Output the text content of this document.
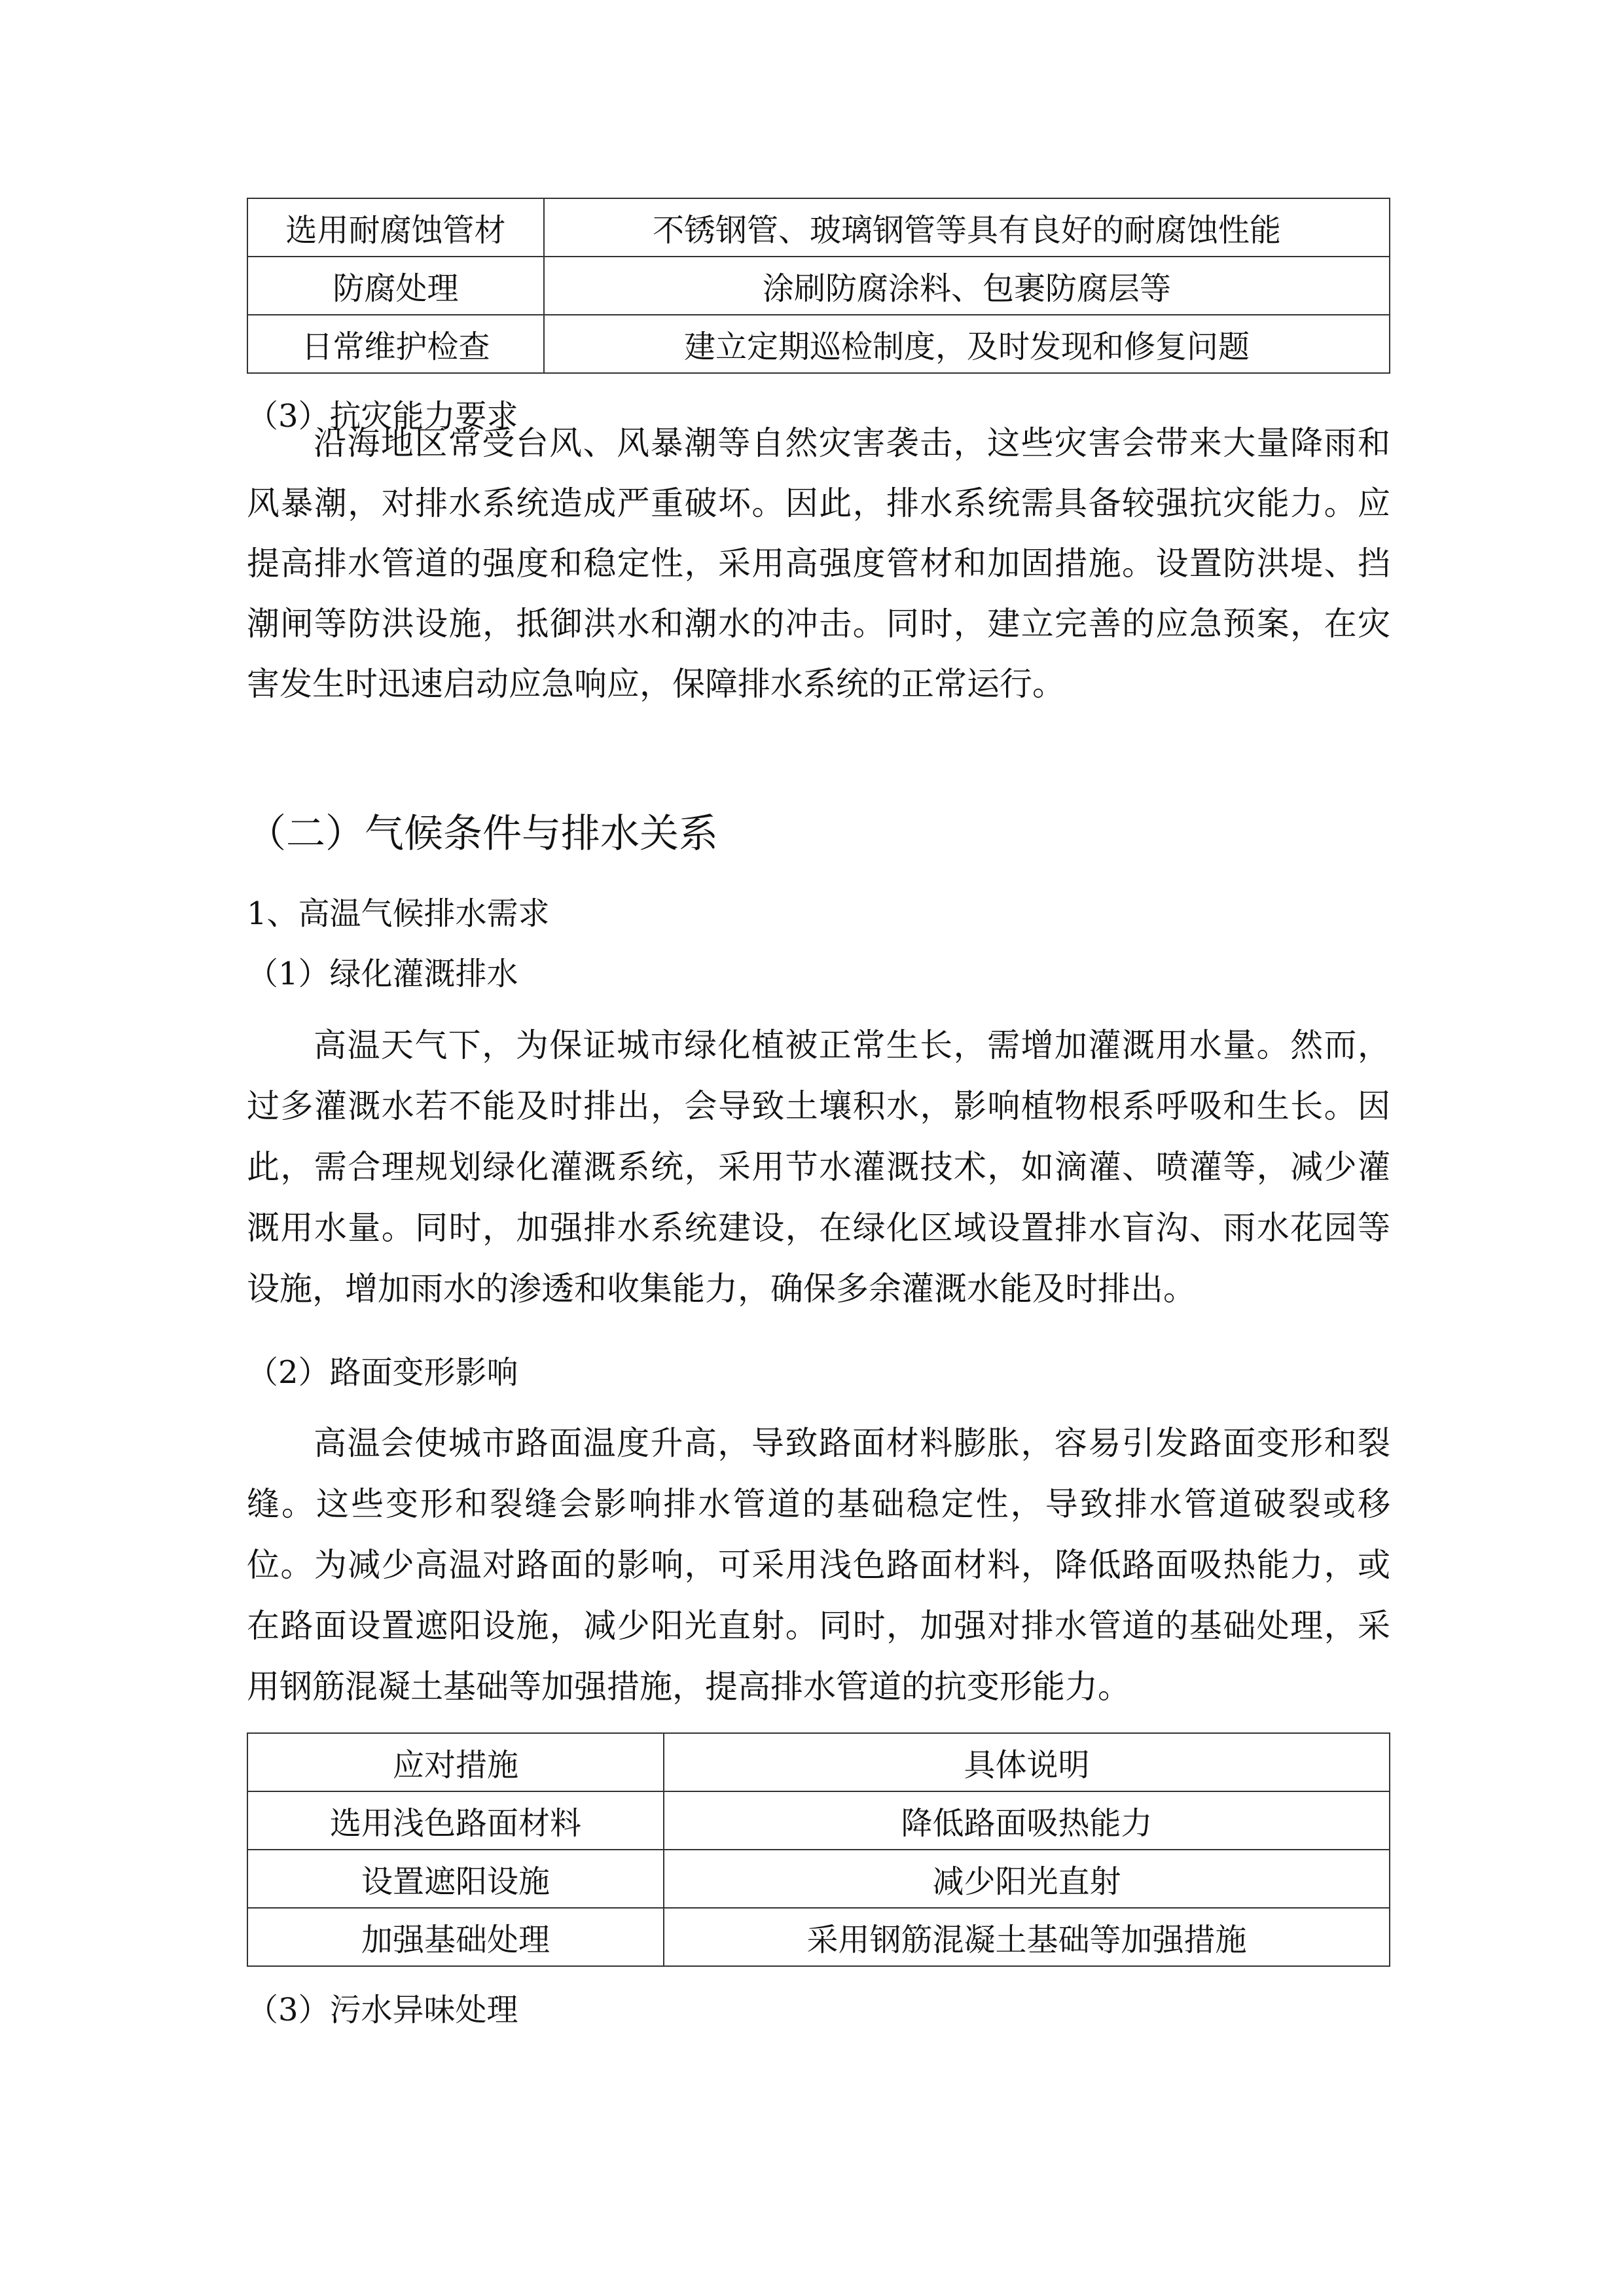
选用耐腐蚀管材	不锈钢管、玻璃钢管等具有良好的耐腐蚀性能
防腐处理	涂刷防腐涂料、包裹防腐层等
日常维护检查	建立定期巡检制度，及时发现和修复问题
（3）抗灾能力要求
沿海地区常受台风、风暴潮等自然灾害袭击，这些灾害会带来大量降雨和
风暴潮，对排水系统造成严重破坏。因此，排水系统需具备较强抗灾能力。应
提高排水管道的强度和稳定性，采用高强度管材和加固措施。设置防洪堤、挡
潮闸等防洪设施，抵御洪水和潮水的冲击。同时，建立完善的应急预案，在灾
害发生时迅速启动应急响应，保障排水系统的正常运行。
（二）气候条件与排水关系
1、高温气候排水需求
（1）绿化灌溉排水
高温天气下，为保证城市绿化植被正常生长，需增加灌溉用水量。然而，
过多灌溉水若不能及时排出，会导致土壤积水，影响植物根系呼吸和生长。因
此，需合理规划绿化灌溉系统，采用节水灌溉技术，如滴灌、喷灌等，减少灌
溉用水量。同时，加强排水系统建设，在绿化区域设置排水盲沟、雨水花园等
设施，增加雨水的渗透和收集能力，确保多余灌溉水能及时排出。
（2）路面变形影响
高温会使城市路面温度升高，导致路面材料膨胀，容易引发路面变形和裂
缝。这些变形和裂缝会影响排水管道的基础稳定性，导致排水管道破裂或移
位。为减少高温对路面的影响，可采用浅色路面材料，降低路面吸热能力，或
在路面设置遮阳设施，减少阳光直射。同时，加强对排水管道的基础处理，采
用钢筋混凝土基础等加强措施，提高排水管道的抗变形能力。
应对措施	具体说明
选用浅色路面材料	降低路面吸热能力
设置遮阳设施	减少阳光直射
加强基础处理	采用钢筋混凝土基础等加强措施
（3）污水异味处理
